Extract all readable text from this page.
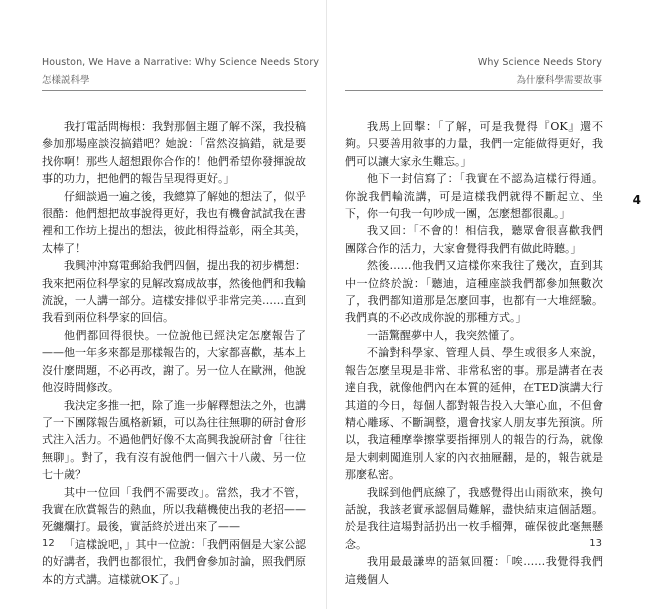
Houston, We Have a Narrative: Why Science Needs Story
怎樣説科學

我打電話問梅根：我對那個主題了解不深，我投稿參加那場座談沒搞錯吧？她說：「當然沒搞錯，就是要找你啊！那些人超想跟你合作的！他們希望你發揮說故事的功力，把他們的報告呈現得更好。」

仔細談過一遍之後，我總算了解她的想法了，似乎很酷：他們想把故事說得更好，我也有機會試試我在書裡和工作坊上提出的想法，彼此相得益彰，兩全其美，太棒了！

我興沖沖寫電郵給我們四個，提出我的初步構想：我來把兩位科學家的見解改寫成故事，然後他們和我輪流說，一人講一部分。這樣安排似乎非常完美……直到我看到兩位科學家的回信。

他們都回得很快。一位說他已經決定怎麼報告了——他一年多來都是那樣報告的，大家都喜歡，基本上沒什麼問題，不必再改，謝了。另一位人在歐洲，他說他沒時間修改。

我決定多推一把，除了進一步解釋想法之外，也講了一下團隊報告風格新穎，可以為往往無聊的研討會形式注入活力。不過他們好像不太高興我說研討會「往往無聊」。對了，我有沒有說他們一個六十八歲、另一位七十歲？

其中一位回「我們不需要改」。當然，我才不管，我實在欣賞報告的熱血，所以我藉機使出我的老招——死纏爛打。最後，實話終於迸出來了——

「這樣說吧，」其中一位說：「我們兩個是大家公認的好講者，我們也都很忙，我們會參加討論，照我們原本的方式講。這樣就OK了。」

12
Why Science Needs Story
為什麼科學需要故事

我馬上回擊：「了解，可是我覺得『OK』還不夠。只要善用敘事的力量，我們一定能做得更好，我們可以讓大家永生難忘。」

他下一封信寫了：「我實在不認為這樣行得通。你說我們輪流講，可是這樣我們就得不斷起立、坐下，你一句我一句吵成一團，怎麼想都很亂。」

我又回：「不會的！相信我，聽眾會很喜歡我們團隊合作的活力，大家會覺得我們有做此時聽。」

然後……他我們又這樣你來我往了幾次，直到其中一位終於說：「聽迪，這種座談我們都參加無數次了，我們都知道那是怎麼回事，也都有一大堆經驗。我們真的不必改成你說的那種方式。」

一語驚醒夢中人，我突然懂了。

不論對科學家、管理人員、學生或很多人來說，報告怎麼呈現是非常、非常私密的事。那是講者在表達自我，就像他們內在本質的延伸，在TED演講大行其道的今日，每個人都對報告投入大筆心血，不但會精心雕琢、不斷調整，還會找家人朋友事先預演。所以，我這種摩拳擦掌要指揮別人的報告的行為，就像是大剌剌闖進別人家的內衣抽屜翻，是的，報告就是那麼私密。

我睬到他們底線了，我感覺得出山雨欲來，換句話說，我該老實承認個局難解，盡快結束這個話題。於是我往這場對話扔出一枚手榴彈，確保彼此毫無懸念。

我用最最謙卑的語氣回覆：「唉……我覺得我們這幾個人

13
4
